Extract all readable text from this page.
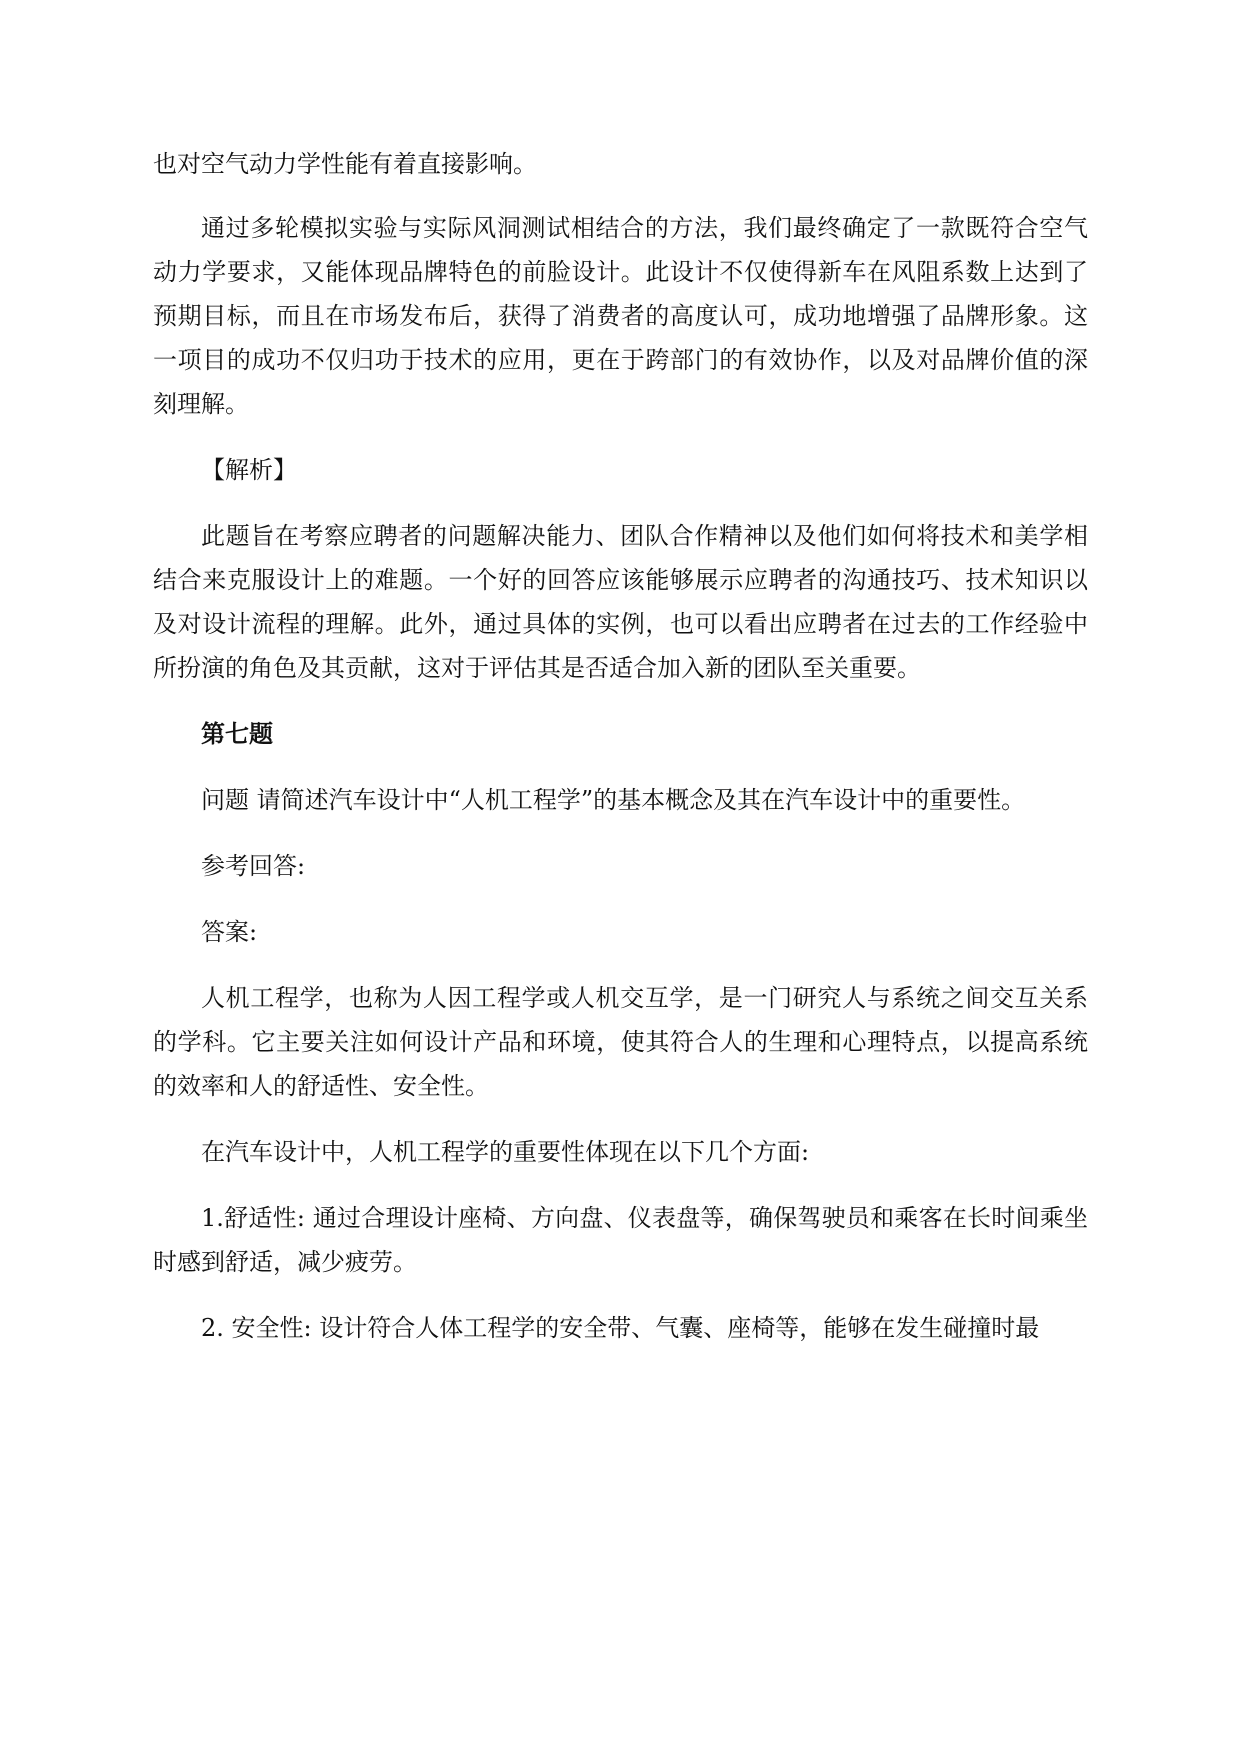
也对空气动力学性能有着直接影响。

通过多轮模拟实验与实际风洞测试相结合的方法，我们最终确定了一款既符合空气动力学要求，又能体现品牌特色的前脸设计。此设计不仅使得新车在风阻系数上达到了预期目标，而且在市场发布后，获得了消费者的高度认可，成功地增强了品牌形象。这一项目的成功不仅归功于技术的应用，更在于跨部门的有效协作，以及对品牌价值的深刻理解。

【解析】

此题旨在考察应聘者的问题解决能力、团队合作精神以及他们如何将技术和美学相结合来克服设计上的难题。一个好的回答应该能够展示应聘者的沟通技巧、技术知识以及对设计流程的理解。此外，通过具体的实例，也可以看出应聘者在过去的工作经验中所扮演的角色及其贡献，这对于评估其是否适合加入新的团队至关重要。

第七题

问题 请简述汽车设计中“人机工程学”的基本概念及其在汽车设计中的重要性。

参考回答:

答案:

人机工程学，也称为人因工程学或人机交互学，是一门研究人与系统之间交互关系的学科。它主要关注如何设计产品和环境，使其符合人的生理和心理特点，以提高系统的效率和人的舒适性、安全性。

在汽车设计中，人机工程学的重要性体现在以下几个方面:

1.舒适性: 通过合理设计座椅、方向盘、仪表盘等，确保驾驶员和乘客在长时间乘坐时感到舒适，减少疲劳。

2. 安全性: 设计符合人体工程学的安全带、气囊、座椅等，能够在发生碰撞时最
